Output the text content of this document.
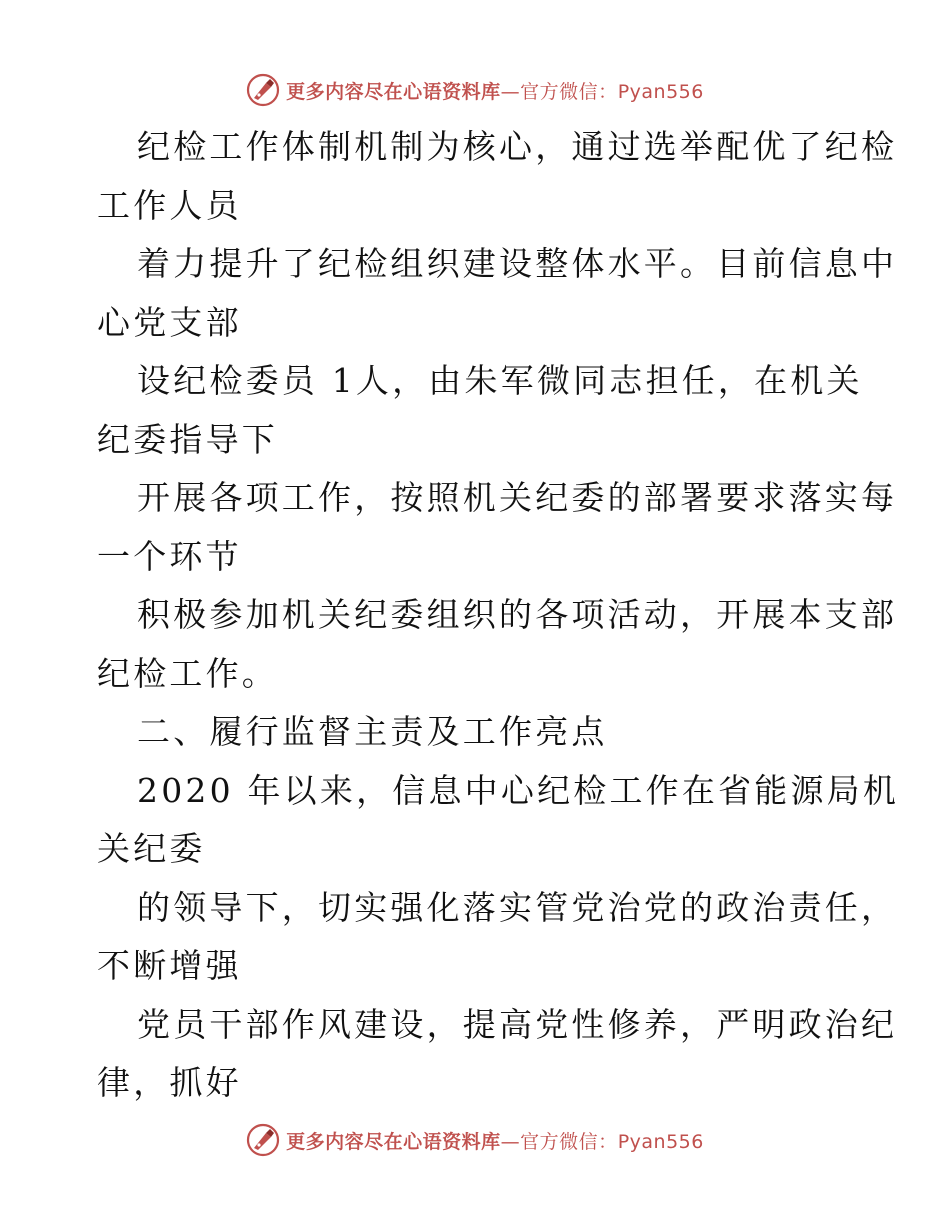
更多内容尽在心语资料库—官方微信：Pyan556
纪检工作体制机制为核心，通过选举配优了纪检
工作人员
着力提升了纪检组织建设整体水平。目前信息中
心党支部
设纪检委员 1人，由朱军微同志担任，在机关
纪委指导下
开展各项工作，按照机关纪委的部署要求落实每
一个环节
积极参加机关纪委组织的各项活动，开展本支部
纪检工作。
二、履行监督主责及工作亮点
2020 年以来，信息中心纪检工作在省能源局机
关纪委
的领导下，切实强化落实管党治党的政治责任，
不断增强
党员干部作风建设，提高党性修养，严明政治纪
律，抓好
更多内容尽在心语资料库—官方微信：Pyan556
